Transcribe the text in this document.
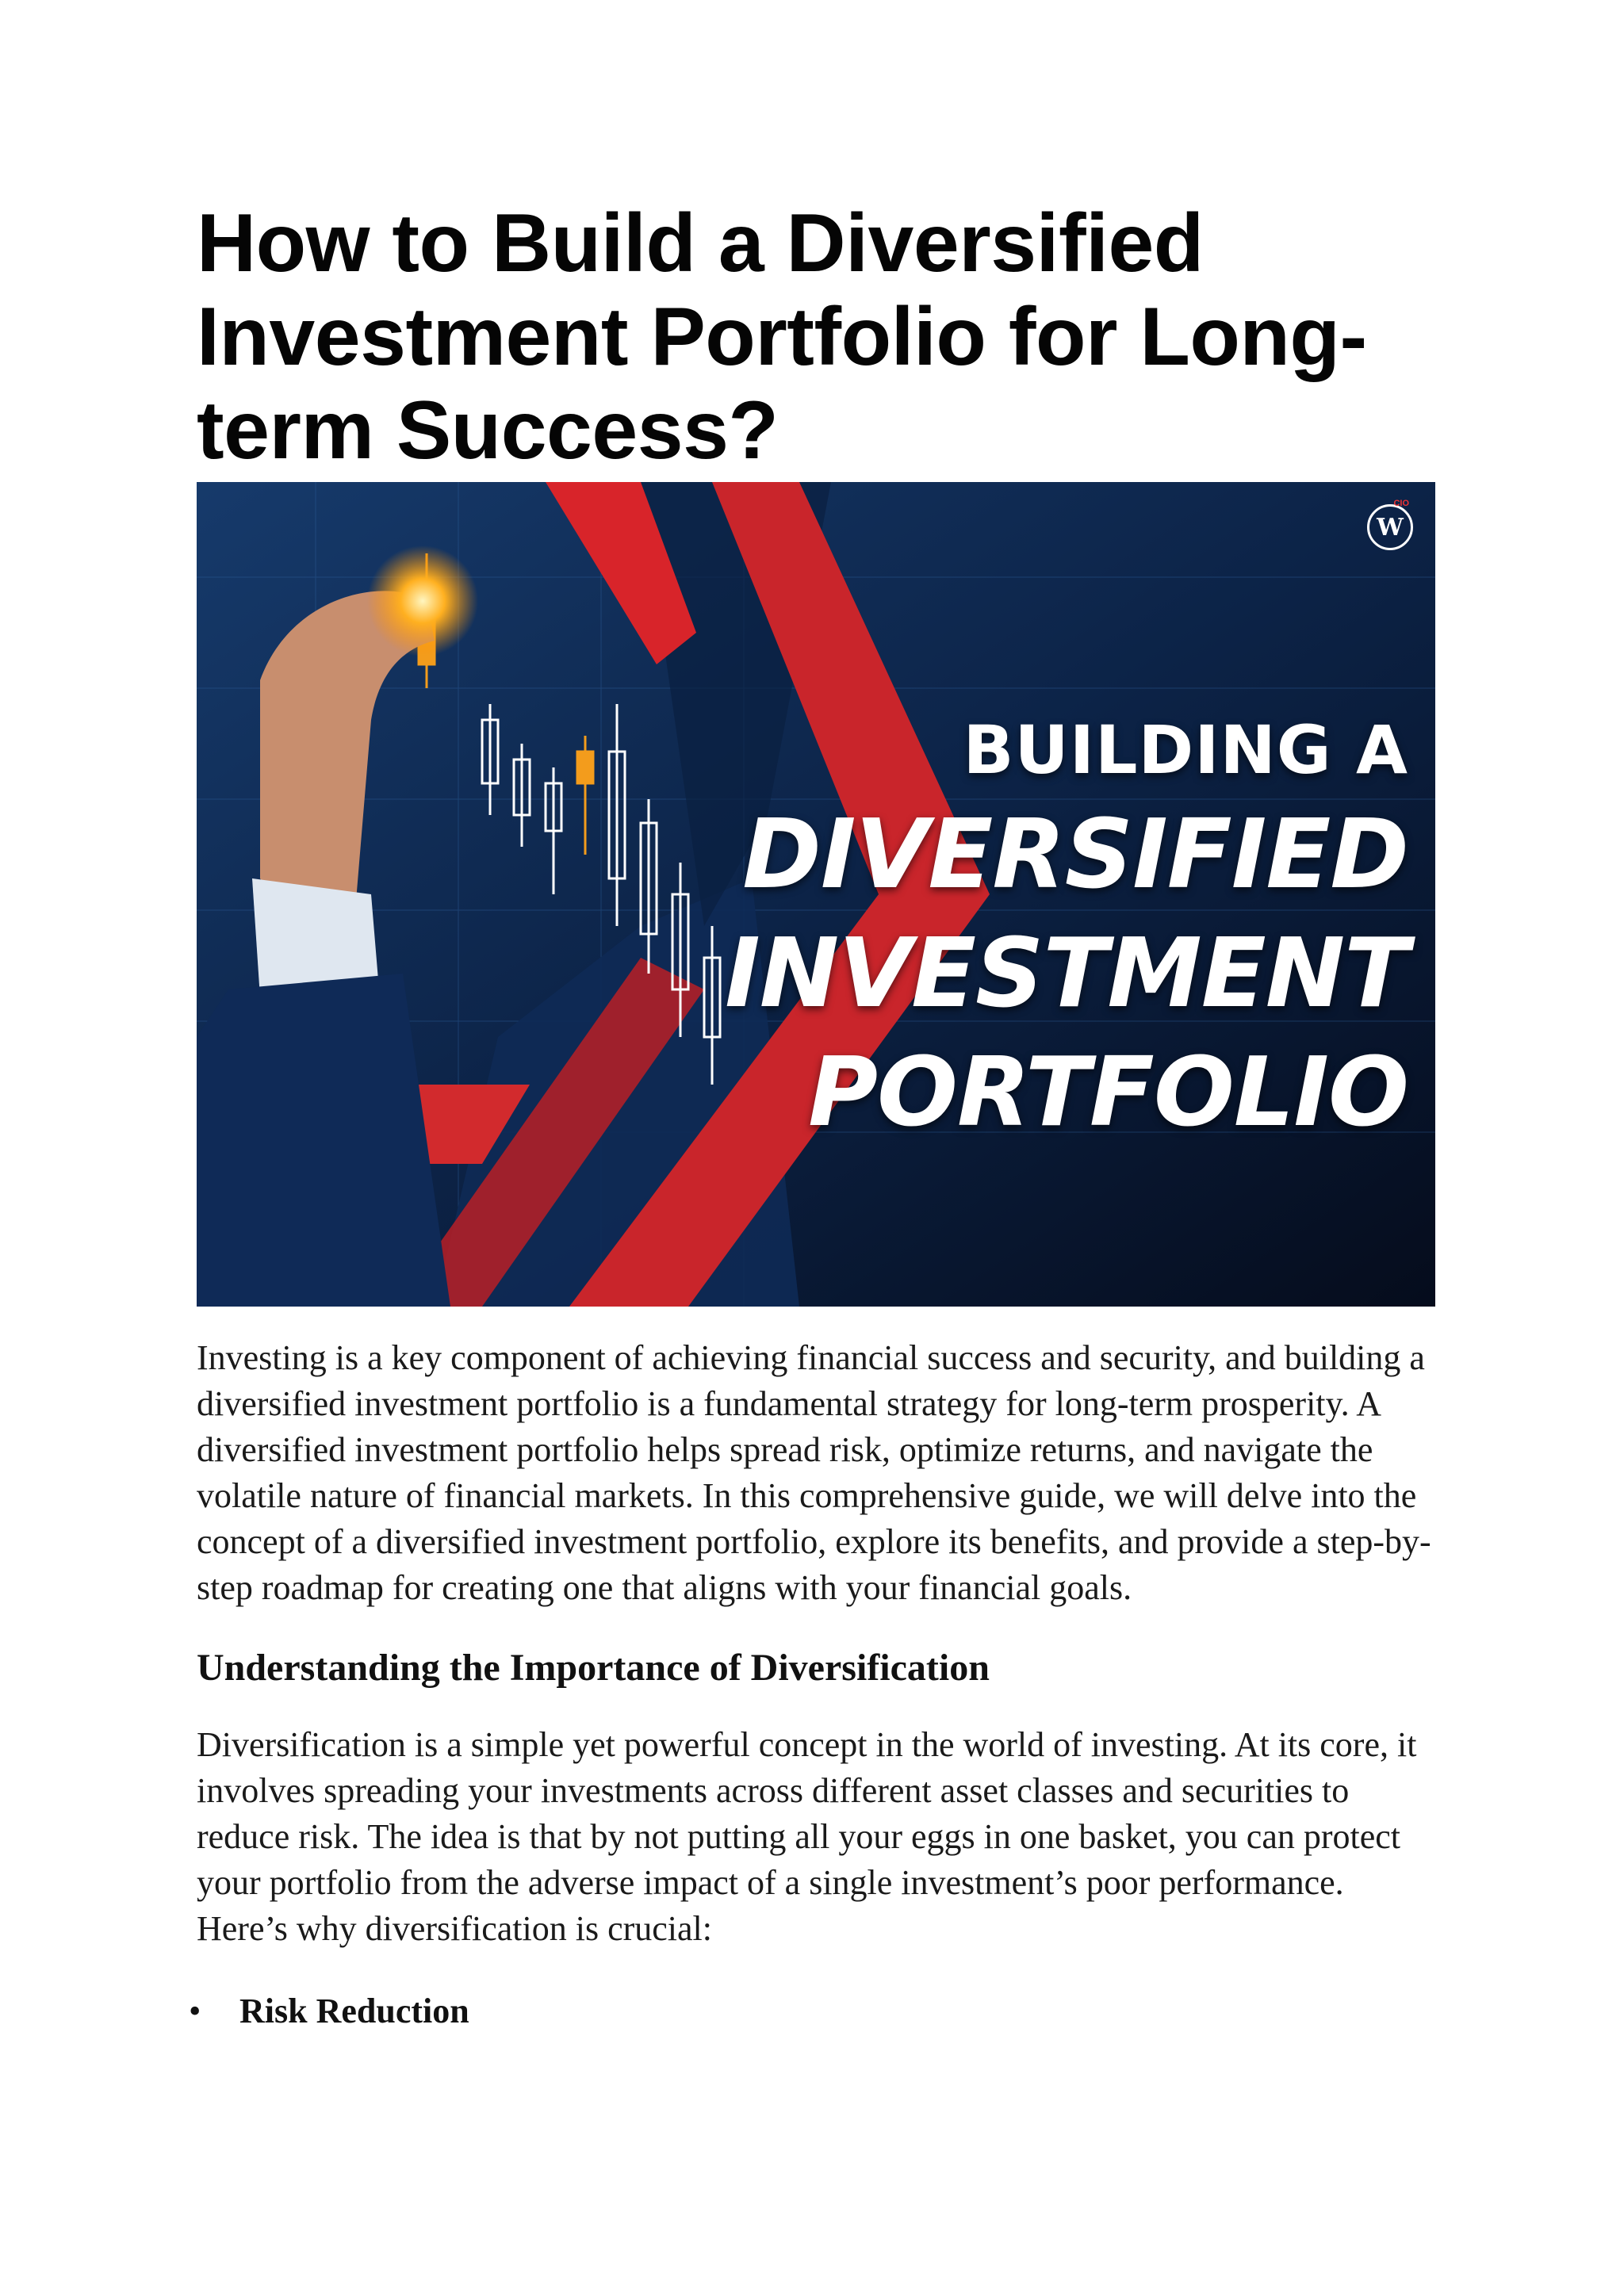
How to Build a Diversified Investment Portfolio for Long-term Success?
W
CIO
BUILDING A
DIVERSIFIED
INVESTMENT
PORTFOLIO

Investing is a key component of achieving financial success and security, and building a diversified investment portfolio is a fundamental strategy for long-term prosperity. A diversified investment portfolio helps spread risk, optimize returns, and navigate the volatile nature of financial markets. In this comprehensive guide, we will delve into the concept of a diversified investment portfolio, explore its benefits, and provide a step-by-step roadmap for creating one that aligns with your financial goals.

Understanding the Importance of Diversification

Diversification is a simple yet powerful concept in the world of investing. At its core, it involves spreading your investments across different asset classes and securities to reduce risk. The idea is that by not putting all your eggs in one basket, you can protect your portfolio from the adverse impact of a single investment’s poor performance. Here’s why diversification is crucial:

• Risk Reduction
